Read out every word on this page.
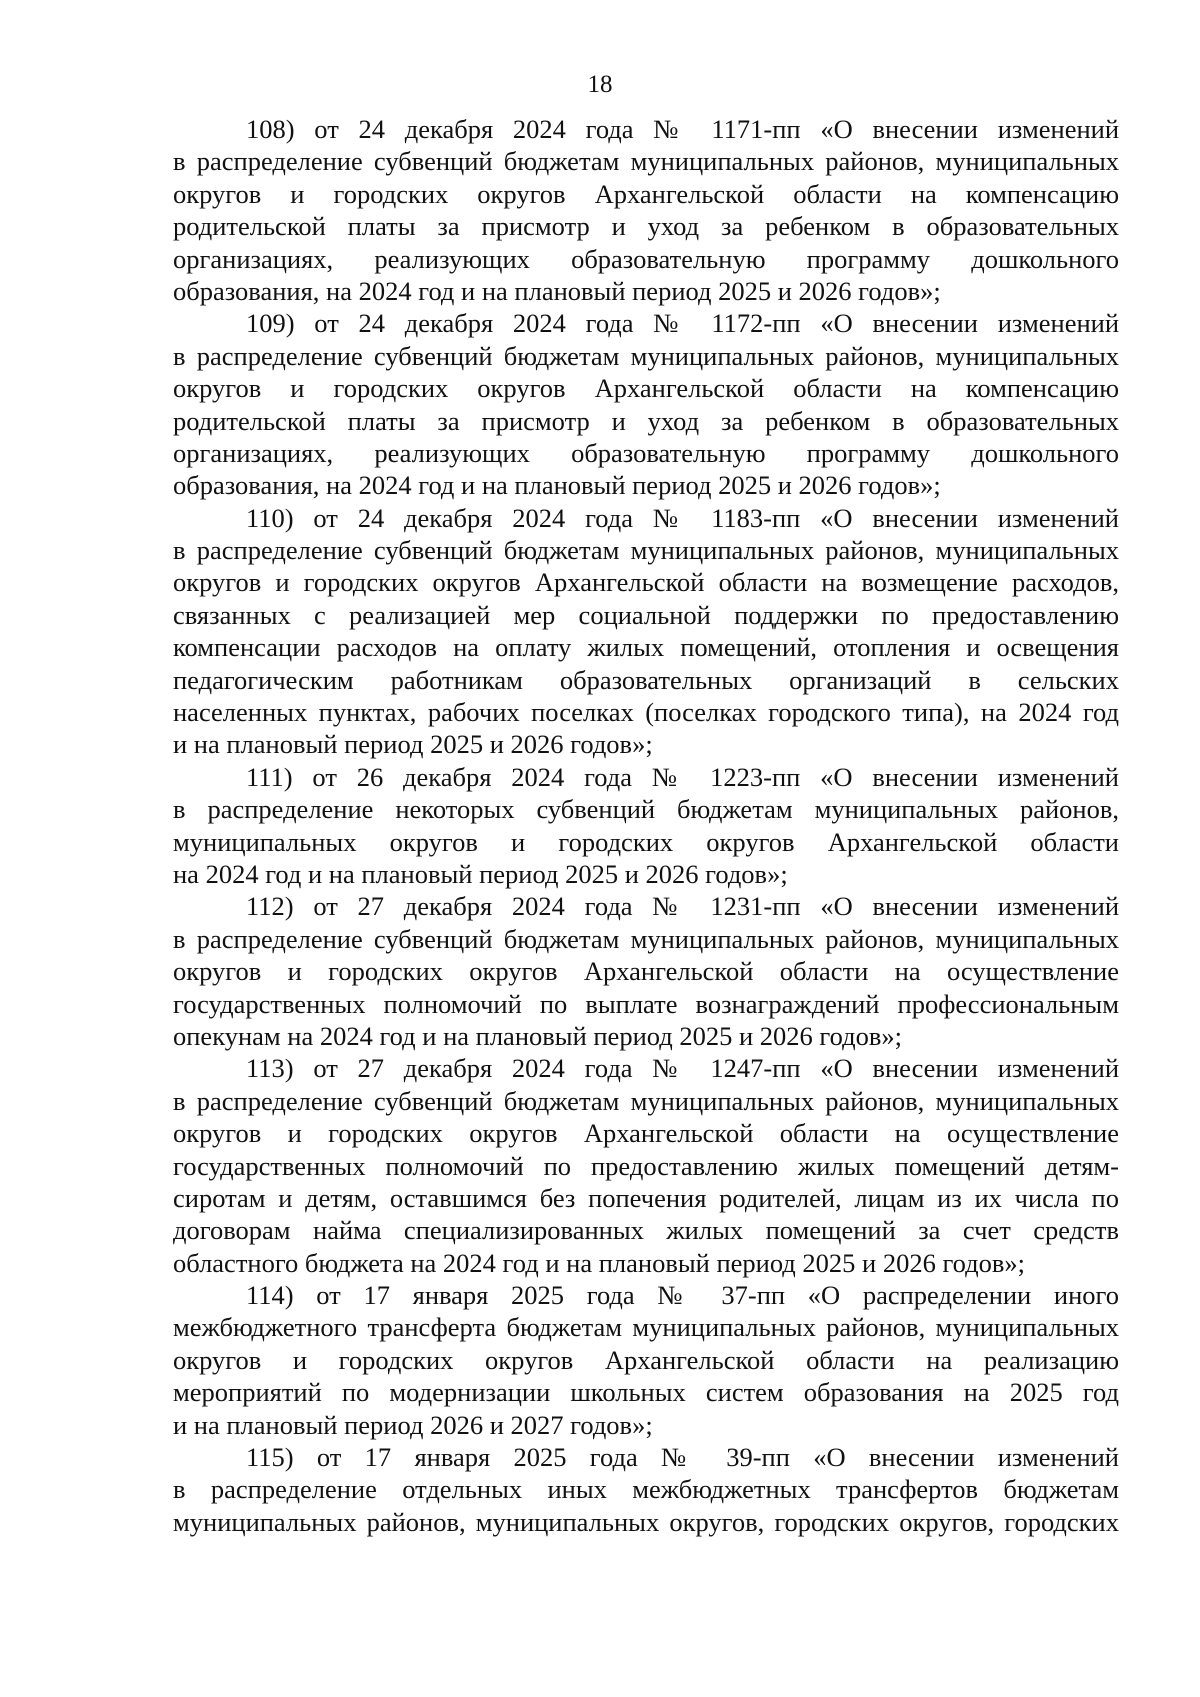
18

108) от 24 декабря 2024 года № 1171-пп «О внесении изменений
в распределение субвенций бюджетам муниципальных районов, муниципальных
округов и городских округов Архангельской области на компенсацию
родительской платы за присмотр и уход за ребенком в образовательных
организациях, реализующих образовательную программу дошкольного
образования, на 2024 год и на плановый период 2025 и 2026 годов»;

109) от 24 декабря 2024 года № 1172-пп «О внесении изменений
в распределение субвенций бюджетам муниципальных районов, муниципальных
округов и городских округов Архангельской области на компенсацию
родительской платы за присмотр и уход за ребенком в образовательных
организациях, реализующих образовательную программу дошкольного
образования, на 2024 год и на плановый период 2025 и 2026 годов»;

110) от 24 декабря 2024 года № 1183-пп «О внесении изменений
в распределение субвенций бюджетам муниципальных районов, муниципальных
округов и городских округов Архангельской области на возмещение расходов,
связанных с реализацией мер социальной поддержки по предоставлению
компенсации расходов на оплату жилых помещений, отопления и освещения
педагогическим работникам образовательных организаций в сельских
населенных пунктах, рабочих поселках (поселках городского типа), на 2024 год
и на плановый период 2025 и 2026 годов»;

111) от 26 декабря 2024 года № 1223-пп «О внесении изменений
в распределение некоторых субвенций бюджетам муниципальных районов,
муниципальных округов и городских округов Архангельской области
на 2024 год и на плановый период 2025 и 2026 годов»;

112) от 27 декабря 2024 года № 1231-пп «О внесении изменений
в распределение субвенций бюджетам муниципальных районов, муниципальных
округов и городских округов Архангельской области на осуществление
государственных полномочий по выплате вознаграждений профессиональным
опекунам на 2024 год и на плановый период 2025 и 2026 годов»;

113) от 27 декабря 2024 года № 1247-пп «О внесении изменений
в распределение субвенций бюджетам муниципальных районов, муниципальных
округов и городских округов Архангельской области на осуществление
государственных полномочий по предоставлению жилых помещений детям-
сиротам и детям, оставшимся без попечения родителей, лицам из их числа по
договорам найма специализированных жилых помещений за счет средств
областного бюджета на 2024 год и на плановый период 2025 и 2026 годов»;

114) от 17 января 2025 года № 37-пп «О распределении иного
межбюджетного трансферта бюджетам муниципальных районов, муниципальных
округов и городских округов Архангельской области на реализацию
мероприятий по модернизации школьных систем образования на 2025 год
и на плановый период 2026 и 2027 годов»;

115) от 17 января 2025 года № 39-пп «О внесении изменений
в распределение отдельных иных межбюджетных трансфертов бюджетам
муниципальных районов, муниципальных округов, городских округов, городских
